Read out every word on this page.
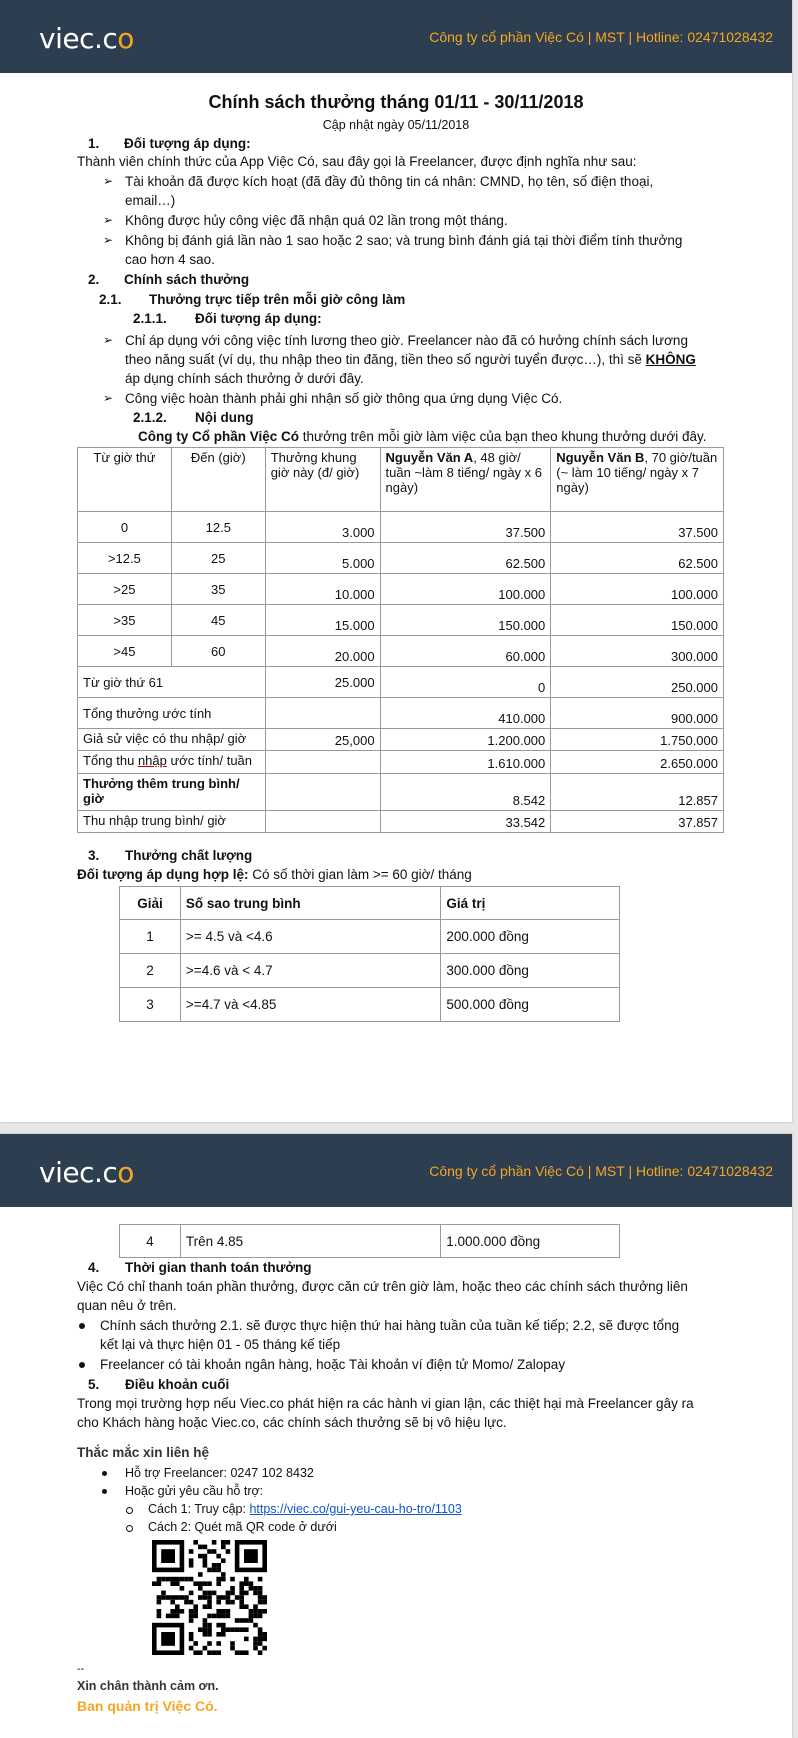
viec.co	Công ty cổ phần Việc Có | MST | Hotline: 02471028432
Chính sách thưởng tháng 01/11 - 30/11/2018
Cập nhật ngày 05/11/2018
1. Đối tượng áp dụng:
Thành viên chính thức của App Việc Có, sau đây gọi là Freelancer, được định nghĩa như sau:
➢ Tài khoản đã được kích hoạt (đã đầy đủ thông tin cá nhân: CMND, họ tên, số điện thoại,
email…)
➢ Không được hủy công việc đã nhận quá 02 lần trong một tháng.
➢ Không bị đánh giá lần nào 1 sao hoặc 2 sao; và trung bình đánh giá tại thời điểm tính thưởng
cao hơn 4 sao.
2. Chính sách thưởng
2.1. Thưởng trực tiếp trên mỗi giờ công làm
2.1.1. Đối tượng áp dụng:
➢ Chỉ áp dụng với công việc tính lương theo giờ. Freelancer nào đã có hưởng chính sách lương
theo năng suất (ví dụ, thu nhập theo tin đăng, tiền theo số người tuyển được…), thì sẽ KHÔNG
áp dụng chính sách thưởng ở dưới đây.
➢ Công việc hoàn thành phải ghi nhận số giờ thông qua ứng dụng Việc Có.
2.1.2. Nội dung
Công ty Cổ phần Việc Có thưởng trên mỗi giờ làm việc của bạn theo khung thưởng dưới đây.
Từ giờ thứ	Đến (giờ)	Thưởng khung giờ này (đ/ giờ)	Nguyễn Văn A, 48 giờ/ tuần ~làm 8 tiếng/ ngày x 6 ngày)	Nguyễn Văn B, 70 giờ/tuần (~ làm 10 tiếng/ ngày x 7 ngày)
0	12.5	3.000	37.500	37.500
>12.5	25	5.000	62.500	62.500
>25	35	10.000	100.000	100.000
>35	45	15.000	150.000	150.000
>45	60	20.000	60.000	300.000
Từ giờ thứ 61		25.000	0	250.000
Tổng thưởng ước tính			410.000	900.000
Giả sử việc có thu nhập/ giờ		25,000	1.200.000	1.750.000
Tổng thu nhập ước tính/ tuần			1.610.000	2.650.000
Thưởng thêm trung bình/ giờ			8.542	12.857
Thu nhập trung bình/ giờ			33.542	37.857
3. Thưởng chất lượng
Đối tượng áp dụng hợp lệ: Có số thời gian làm >= 60 giờ/ tháng
Giải	Số sao trung bình	Giá trị
1	>= 4.5 và <4.6	200.000 đồng
2	>=4.6 và < 4.7	300.000 đồng
3	>=4.7 và <4.85	500.000 đồng
viec.co	Công ty cổ phần Việc Có | MST | Hotline: 02471028432
4	Trên 4.85	1.000.000 đồng
4. Thời gian thanh toán thưởng
Việc Có chỉ thanh toán phần thưởng, được căn cứ trên giờ làm, hoặc theo các chính sách thưởng liên
quan nêu ở trên.
Chính sách thưởng 2.1. sẽ được thực hiện thứ hai hàng tuần của tuần kế tiếp; 2.2, sẽ được tổng
kết lại và thực hiện 01 - 05 tháng kế tiếp
Freelancer có tài khoản ngân hàng, hoặc Tài khoản ví điện tử Momo/ Zalopay
5. Điều khoản cuối
Trong mọi trường hợp nếu Viec.co phát hiện ra các hành vi gian lận, các thiệt hại mà Freelancer gây ra
cho Khách hàng hoặc Viec.co, các chính sách thưởng sẽ bị vô hiệu lực.
Thắc mắc xin liên hệ
Hỗ trợ Freelancer: 0247 102 8432
Hoặc gửi yêu cầu hỗ trợ:
Cách 1: Truy cập: https://viec.co/gui-yeu-cau-ho-tro/1103
Cách 2: Quét mã QR code ở dưới
--
Xin chân thành cảm ơn.
Ban quản trị Việc Có.
